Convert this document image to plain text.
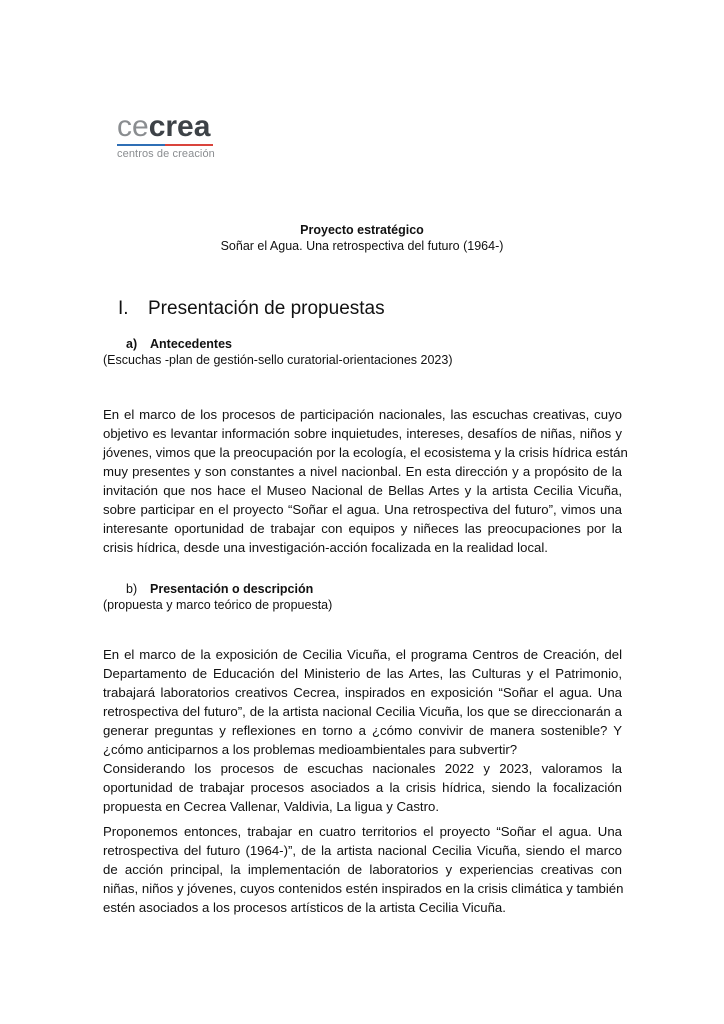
cecrea
centros de creación
Proyecto estratégico
Soñar el Agua. Una retrospectiva del futuro (1964-)
I. Presentación de propuestas
a) Antecedentes
(Escuchas -plan de gestión-sello curatorial-orientaciones 2023)
En el marco de los procesos de participación nacionales, las escuchas creativas, cuyo
objetivo es levantar información sobre inquietudes, intereses, desafíos de niñas, niños y
jóvenes, vimos que la preocupación por la ecología, el ecosistema y la crisis hídrica están
muy presentes y son constantes a nivel nacionbal. En esta dirección y a propósito de la
invitación que nos hace el Museo Nacional de Bellas Artes y la artista Cecilia Vicuña,
sobre participar en el proyecto “Soñar el agua. Una retrospectiva del futuro”, vimos una
interesante oportunidad de trabajar con equipos y niñeces las preocupaciones por la
crisis hídrica, desde una investigación-acción focalizada en la realidad local.
b) Presentación o descripción
(propuesta y marco teórico de propuesta)
En el marco de la exposición de Cecilia Vicuña, el programa Centros de Creación, del
Departamento de Educación del Ministerio de las Artes, las Culturas y el Patrimonio,
trabajará laboratorios creativos Cecrea, inspirados en exposición “Soñar el agua. Una
retrospectiva del futuro”, de la artista nacional Cecilia Vicuña, los que se direccionarán a
generar preguntas y reflexiones en torno a ¿cómo convivir de manera sostenible? Y
¿cómo anticiparnos a los problemas medioambientales para subvertir?
Considerando los procesos de escuchas nacionales 2022 y 2023, valoramos la
oportunidad de trabajar procesos asociados a la crisis hídrica, siendo la focalización
propuesta en Cecrea Vallenar, Valdivia, La ligua y Castro.
Proponemos entonces, trabajar en cuatro territorios el proyecto “Soñar el agua. Una
retrospectiva del futuro (1964-)”, de la artista nacional Cecilia Vicuña, siendo el marco
de acción principal, la implementación de laboratorios y experiencias creativas con
niñas, niños y jóvenes, cuyos contenidos estén inspirados en la crisis climática y también
estén asociados a los procesos artísticos de la artista Cecilia Vicuña.
